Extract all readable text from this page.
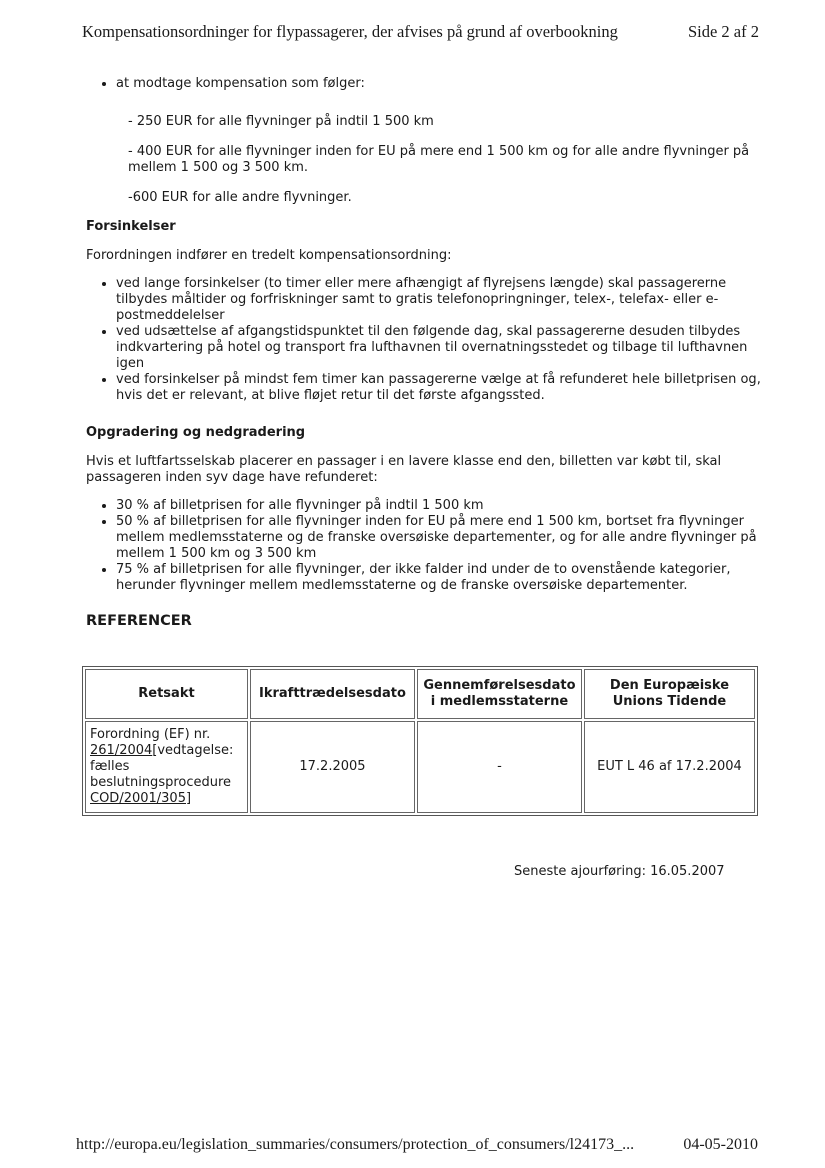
Kompensationsordninger for flypassagerer, der afvises på grund af overbookning	Side 2 af 2
• at modtage kompensation som følger:

- 250 EUR for alle flyvninger på indtil 1 500 km

- 400 EUR for alle flyvninger inden for EU på mere end 1 500 km og for alle andre flyvninger på mellem 1 500 og 3 500 km.

-600 EUR for alle andre flyvninger.

Forsinkelser

Forordningen indfører en tredelt kompensationsordning:

• ved lange forsinkelser (to timer eller mere afhængigt af flyrejsens længde) skal passagererne tilbydes måltider og forfriskninger samt to gratis telefonopringninger, telex-, telefax- eller e-postmeddelelser
• ved udsættelse af afgangstidspunktet til den følgende dag, skal passagererne desuden tilbydes indkvartering på hotel og transport fra lufthavnen til overnatningsstedet og tilbage til lufthavnen igen
• ved forsinkelser på mindst fem timer kan passagererne vælge at få refunderet hele billetprisen og, hvis det er relevant, at blive fløjet retur til det første afgangssted.

Opgradering og nedgradering

Hvis et luftfartsselskab placerer en passager i en lavere klasse end den, billetten var købt til, skal passageren inden syv dage have refunderet:

• 30 % af billetprisen for alle flyvninger på indtil 1 500 km
• 50 % af billetprisen for alle flyvninger inden for EU på mere end 1 500 km, bortset fra flyvninger mellem medlemsstaterne og de franske oversøiske departementer, og for alle andre flyvninger på mellem 1 500 km og 3 500 km
• 75 % af billetprisen for alle flyvninger, der ikke falder ind under de to ovenstående kategorier, herunder flyvninger mellem medlemsstaterne og de franske oversøiske departementer.

REFERENCER

Retsakt	Ikrafttrædelsesdato	Gennemførelsesdato i medlemsstaterne	Den Europæiske Unions Tidende
Forordning (EF) nr. 261/2004[vedtagelse: fælles beslutningsprocedure COD/2001/305]	17.2.2005	-	EUT L 46 af 17.2.2004
Seneste ajourføring: 16.05.2007
http://europa.eu/legislation_summaries/consumers/protection_of_consumers/l24173_...	04-05-2010
